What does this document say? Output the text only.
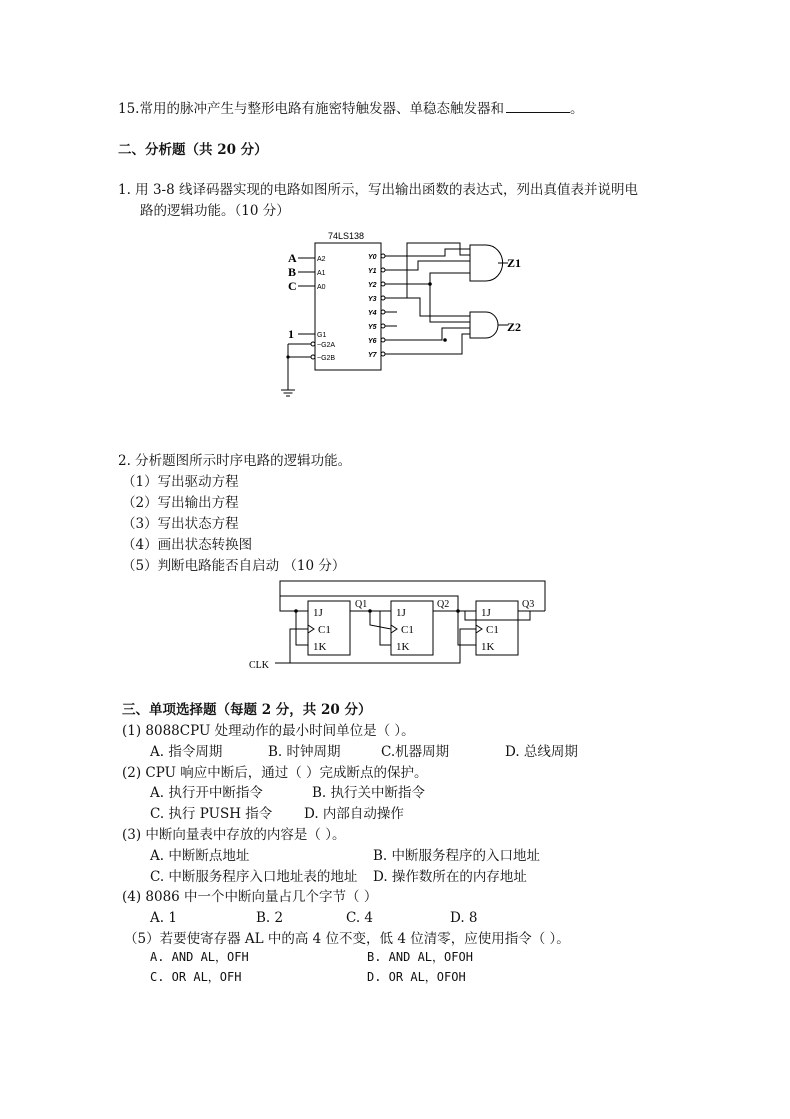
15.常用的脉冲产生与整形电路有施密特触发器、单稳态触发器和	。
二、分析题（共 20 分）
1. 用 3-8 线译码器实现的电路如图所示，写出输出函数的表达式，列出真值表并说明电
路的逻辑功能。（10 分）
74LS138
A
B
C
1
A2
A1
A0
G1
~G2A
~G2B
Y0
Y1
Y2
Y3
Y4
Y5
Y6
Y7
Z1
Z2
2. 分析题图所示时序电路的逻辑功能。
（1）写出驱动方程
（2）写出输出方程
（3）写出状态方程
（4）画出状态转换图
（5）判断电路能否自启动 （10 分）
1J
C1
1K
1J
C1
1K
1J
C1
1K
Q1	Q2	Q3
CLK
三、单项选择题（每题 2 分，共 20 分）
(1) 8088CPU 处理动作的最小时间单位是（ ）。
A. 指令周期	B. 时钟周期	C.机器周期	D. 总线周期
(2) CPU 响应中断后，通过（ ）完成断点的保护。
A. 执行开中断指令	B. 执行关中断指令
C. 执行 PUSH 指令 D. 内部自动操作
(3) 中断向量表中存放的内容是（ ）。
A. 中断断点地址	B. 中断服务程序的入口地址
C. 中断服务程序入口地址表的地址 D. 操作数所在的内存地址
(4) 8086 中一个中断向量占几个字节（ ）
A. 1	B. 2	C. 4	D. 8
（5）若要使寄存器 AL 中的高 4 位不变，低 4 位清零，应使用指令（ ）。
A. AND AL，OFH	B. AND AL，OFOH
C. OR AL，OFH	D. OR AL，OFOH
